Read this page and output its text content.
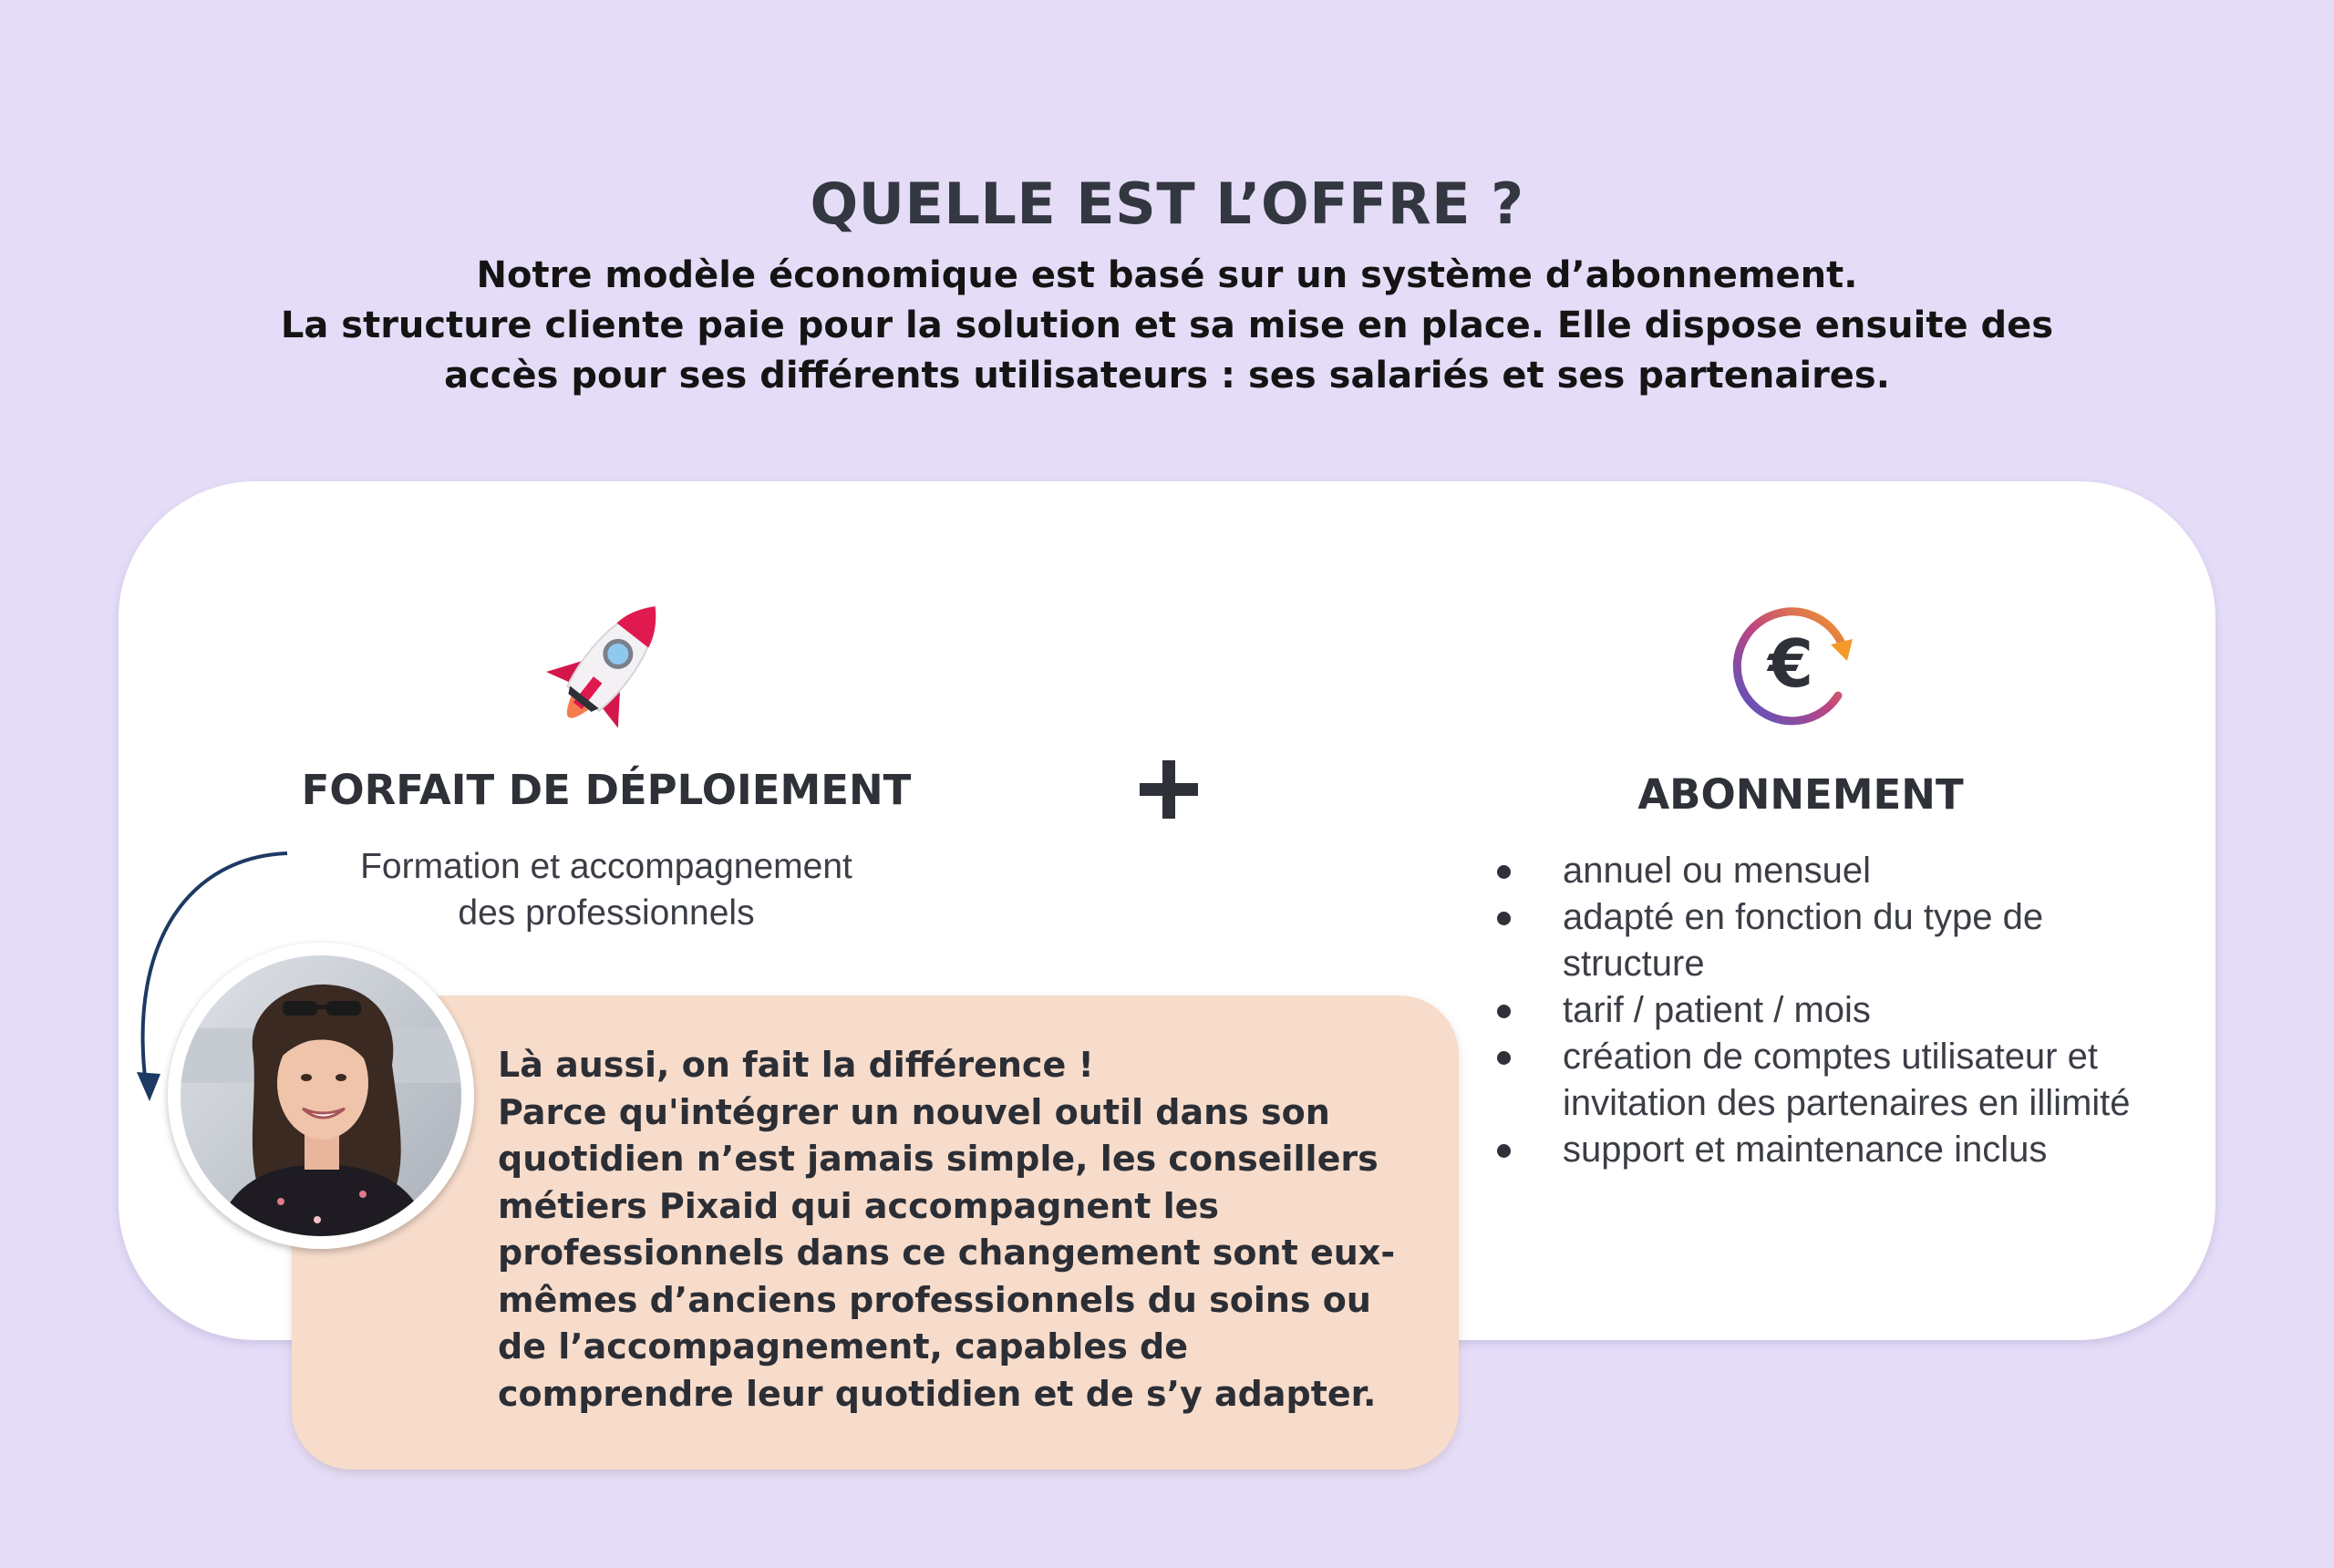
QUELLE EST L’OFFRE ?
Notre modèle économique est basé sur un système d’abonnement.
La structure cliente paie pour la solution et sa mise en place. Elle dispose ensuite des
accès pour ses différents utilisateurs : ses salariés et ses partenaires.
€
FORFAIT DE DÉPLOIEMENT
Formation et accompagnement
des professionnels
ABONNEMENT
annuel ou mensuel
adapté en fonction du type de structure
tarif / patient / mois
création de comptes utilisateur et invitation des partenaires en illimité
support et maintenance inclus
Là aussi, on fait la différence !
Parce qu'intégrer un nouvel outil dans son quotidien n’est jamais simple, les conseillers métiers Pixaid qui accompagnent les professionnels dans ce changement sont eux-mêmes d’anciens professionnels du soins ou de l’accompagnement, capables de comprendre leur quotidien et de s’y adapter.
